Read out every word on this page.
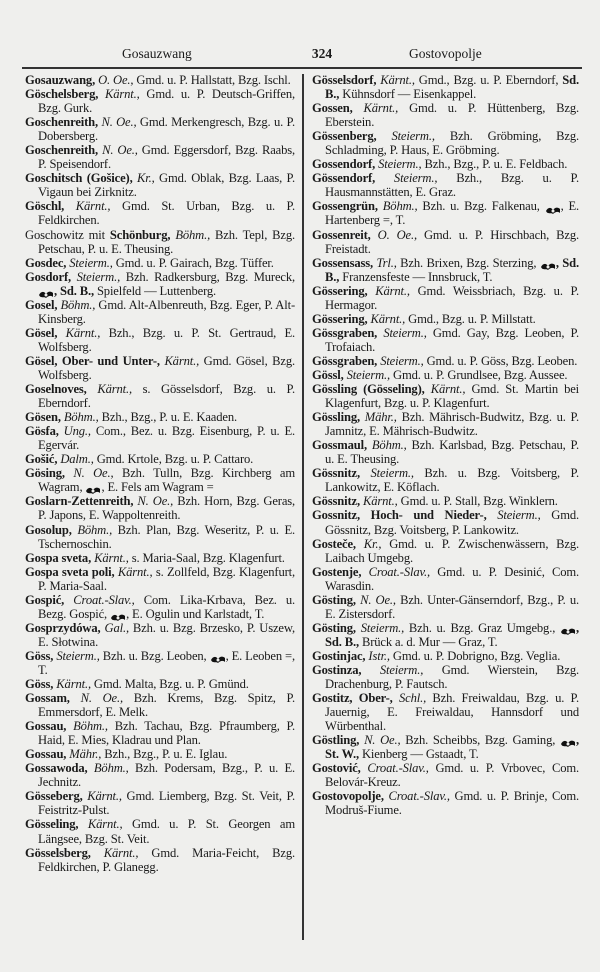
Gosauzwang	324	Gostovopolje
Gosauzwang, O. Oe., Gmd. u. P. Hallstatt, Bzg. Ischl.
Göschelsberg, Kärnt., Gmd. u. P. Deutsch-Griffen, Bzg. Gurk.
Goschenreith, N. Oe., Gmd. Merkengresch, Bzg. u. P. Dobersberg.
Goschenreith, N. Oe., Gmd. Eggersdorf, Bzg. Raabs, P. Speisendorf.
Goschitsch (Gošice), Kr., Gmd. Oblak, Bzg. Laas, P. Vigaun bei Zirknitz.
Göschl, Kärnt., Gmd. St. Urban, Bzg. u. P. Feldkirchen.
Goschowitz mit Schönburg, Böhm., Bzh. Tepl, Bzg. Petschau, P. u. E. Theusing.
Gosdec, Steierm., Gmd. u. P. Gairach, Bzg. Tüffer.
Gosdorf, Steierm., Bzh. Radkersburg, Bzg. Mureck, , Sd. B., Spielfeld — Luttenberg.
Gosel, Böhm., Gmd. Alt-Albenreuth, Bzg. Eger, P. Alt-Kinsberg.
Gösel, Kärnt., Bzh., Bzg. u. P. St. Gertraud, E. Wolfsberg.
Gösel, Ober- und Unter-, Kärnt., Gmd. Gösel, Bzg. Wolfsberg.
Goselnoves, Kärnt., s. Gösselsdorf, Bzg. u. P. Eberndorf.
Gösen, Böhm., Bzh., Bzg., P. u. E. Kaaden.
Gösfa, Ung., Com., Bez. u. Bzg. Eisenburg, P. u. E. Egervár.
Gošić, Dalm., Gmd. Krtole, Bzg. u. P. Cattaro.
Gösing, N. Oe., Bzh. Tulln, Bzg. Kirchberg am Wagram, , E. Fels am Wagram =
Goslarn-Zettenreith, N. Oe., Bzh. Horn, Bzg. Geras, P. Japons, E. Wappoltenreith.
Gosolup, Böhm., Bzh. Plan, Bzg. Weseritz, P. u. E. Tschernoschin.
Gospa sveta, Kärnt., s. Maria-Saal, Bzg. Klagenfurt.
Gospa sveta poli, Kärnt., s. Zollfeld, Bzg. Klagenfurt, P. Maria-Saal.
Gospić, Croat.-Slav., Com. Lika-Krbava, Bez. u. Bezg. Gospić, , E. Ogulin und Karlstadt, T.
Gosprzydówa, Gal., Bzh. u. Bzg. Brzesko, P. Uszew, E. Słotwina.
Göss, Steierm., Bzh. u. Bzg. Leoben, , E. Leoben =, T.
Göss, Kärnt., Gmd. Malta, Bzg. u. P. Gmünd.
Gossam, N. Oe., Bzh. Krems, Bzg. Spitz, P. Emmersdorf, E. Melk.
Gossau, Böhm., Bzh. Tachau, Bzg. Pfraumberg, P. Haid, E. Mies, Kladrau und Plan.
Gossau, Mähr., Bzh., Bzg., P. u. E. Iglau.
Gossawoda, Böhm., Bzh. Podersam, Bzg., P. u. E. Jechnitz.
Gösseberg, Kärnt., Gmd. Liemberg, Bzg. St. Veit, P. Feistritz-Pulst.
Gösseling, Kärnt., Gmd. u. P. St. Georgen am Längsee, Bzg. St. Veit.
Gösselsberg, Kärnt., Gmd. Maria-Feicht, Bzg. Feldkirchen, P. Glanegg.
Gösselsdorf, Kärnt., Gmd., Bzg. u. P. Eberndorf, Sd. B., Kühnsdorf — Eisenkappel.
Gossen, Kärnt., Gmd. u. P. Hüttenberg, Bzg. Eberstein.
Gössenberg, Steierm., Bzh. Gröbming, Bzg. Schladming, P. Haus, E. Gröbming.
Gossendorf, Steierm., Bzh., Bzg., P. u. E. Feldbach.
Gössendorf, Steierm., Bzh., Bzg. u. P. Hausmannstätten, E. Graz.
Gossengrün, Böhm., Bzh. u. Bzg. Falkenau, , E. Hartenberg =, T.
Gossenreit, O. Oe., Gmd. u. P. Hirschbach, Bzg. Freistadt.
Gossensass, Trl., Bzh. Brixen, Bzg. Sterzing, , Sd. B., Franzensfeste — Innsbruck, T.
Gössering, Kärnt., Gmd. Weissbriach, Bzg. u. P. Hermagor.
Gössering, Kärnt., Gmd., Bzg. u. P. Millstatt.
Gössgraben, Steierm., Gmd. Gay, Bzg. Leoben, P. Trofaiach.
Gössgraben, Steierm., Gmd. u. P. Göss, Bzg. Leoben.
Gössl, Steierm., Gmd. u. P. Grundlsee, Bzg. Aussee.
Gössling (Gösseling), Kärnt., Gmd. St. Martin bei Klagenfurt, Bzg. u. P. Klagenfurt.
Gössling, Mähr., Bzh. Mährisch-Budwitz, Bzg. u. P. Jamnitz, E. Mährisch-Budwitz.
Gossmaul, Böhm., Bzh. Karlsbad, Bzg. Petschau, P. u. E. Theusing.
Gössnitz, Steierm., Bzh. u. Bzg. Voitsberg, P. Lankowitz, E. Köflach.
Gössnitz, Kärnt., Gmd. u. P. Stall, Bzg. Winklern.
Gossnitz, Hoch- und Nieder-, Steierm., Gmd. Gössnitz, Bzg. Voitsberg, P. Lankowitz.
Gosteče, Kr., Gmd. u. P. Zwischenwässern, Bzg. Laibach Umgebg.
Gostenje, Croat.-Slav., Gmd. u. P. Desinić, Com. Warasdin.
Gösting, N. Oe., Bzh. Unter-Gänserndorf, Bzg., P. u. E. Zistersdorf.
Gösting, Steierm., Bzh. u. Bzg. Graz Umgebg., , Sd. B., Brück a. d. Mur — Graz, T.
Gostinjac, Istr., Gmd. u. P. Dobrigno, Bzg. Veglia.
Gostinza, Steierm., Gmd. Wierstein, Bzg. Drachenburg, P. Fautsch.
Gostitz, Ober-, Schl., Bzh. Freiwaldau, Bzg. u. P. Jauernig, E. Freiwaldau, Hannsdorf und Würbenthal.
Göstling, N. Oe., Bzh. Scheibbs, Bzg. Gaming, , St. W., Kienberg — Gstaadt, T.
Gostović, Croat.-Slav., Gmd. u. P. Vrbovec, Com. Belovár-Kreuz.
Gostovopolje, Croat.-Slav., Gmd. u. P. Brinje, Com. Modruš-Fiume.
